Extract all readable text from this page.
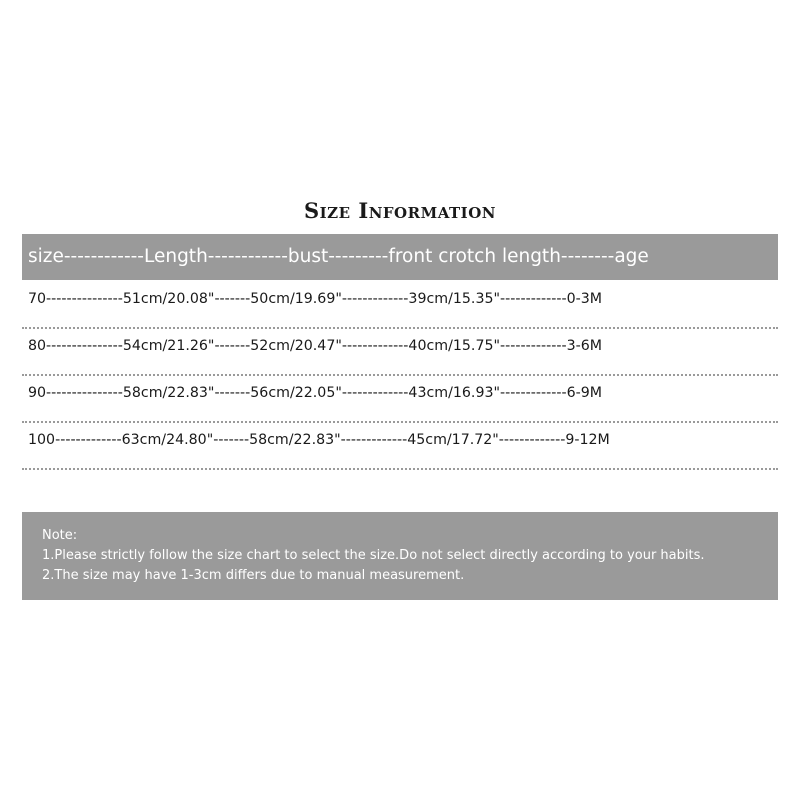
Size Information
size------------Length------------bust---------front crotch length--------age
70---------------51cm/20.08"-------50cm/19.69"-------------39cm/15.35"-------------0-3M
80---------------54cm/21.26"-------52cm/20.47"-------------40cm/15.75"-------------3-6M
90---------------58cm/22.83"-------56cm/22.05"-------------43cm/16.93"-------------6-9M
100-------------63cm/24.80"-------58cm/22.83"-------------45cm/17.72"-------------9-12M
Note:
1.Please strictly follow the size chart to select the size.Do not select directly according to your habits.
2.The size may have 1-3cm differs due to manual measurement.
